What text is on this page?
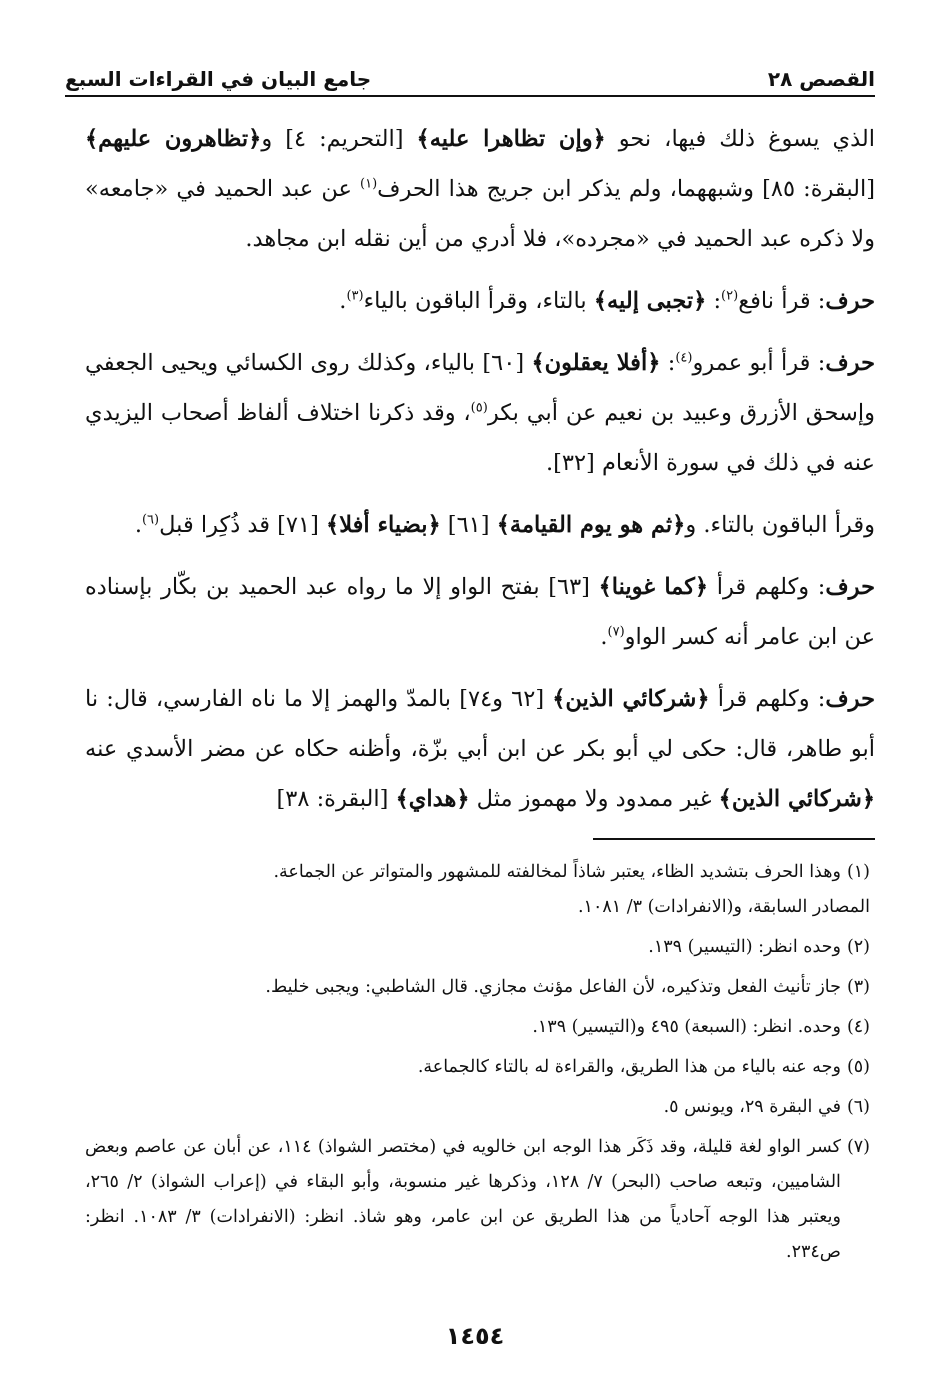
القصص ٢٨
جامع البيان في القراءات السبع

الذي يسوغ ذلك فيها، نحو ﴿وإن تظاهرا عليه﴾ [التحريم: ٤] و﴿تظاهرون عليهم﴾ [البقرة: ٨٥] وشبههما، ولم يذكر ابن جريج هذا الحرف$^{(١)}$ عن عبد الحميد في «جامعه» ولا ذكره عبد الحميد في «مجرده»، فلا أدري من أين نقله ابن مجاهد.

حرف: قرأ نافع$^{(٢)}$: ﴿تجبى إليه﴾ بالتاء، وقرأ الباقون بالياء$^{(٣)}$.

حرف: قرأ أبو عمرو$^{(٤)}$: ﴿أفلا يعقلون﴾ [٦٠] بالياء، وكذلك روى الكسائي ويحيى الجعفي وإسحق الأزرق وعبيد بن نعيم عن أبي بكر$^{(٥)}$، وقد ذكرنا اختلاف ألفاظ أصحاب اليزيدي عنه في ذلك في سورة الأنعام [٣٢].

وقرأ الباقون بالتاء. و﴿ثم هو يوم القيامة﴾ [٦١] ﴿بضياء أفلا﴾ [٧١] قد ذُكِرا قبل$^{(٦)}$.

حرف: وكلهم قرأ ﴿كما غوينا﴾ [٦٣] بفتح الواو إلا ما رواه عبد الحميد بن بكّار بإسناده عن ابن عامر أنه كسر الواو$^{(٧)}$.

حرف: وكلهم قرأ ﴿شركائي الذين﴾ [٦٢ و٧٤] بالمدّ والهمز إلا ما ناه الفارسي، قال: نا أبو طاهر، قال: حكى لي أبو بكر عن ابن أبي بزّة، وأظنه حكاه عن مضر الأسدي عنه ﴿شركائي الذين﴾ غير ممدود ولا مهموز مثل ﴿هداي﴾ [البقرة: ٣٨]

(١)
وهذا الحرف بتشديد الظاء، يعتبر شاذاً لمخالفته للمشهور والمتواتر عن الجماعة.
المصادر السابقة، و(الانفرادات) ٣/ ١٠٨١.
(٢)
وحده انظر: (التيسير) ١٣٩.
(٣)
جاز تأنيث الفعل وتذكيره، لأن الفاعل مؤنث مجازي. قال الشاطبي: ويجبى خليط.
(٤)
وحده. انظر: (السبعة) ٤٩٥ و(التيسير) ١٣٩.
(٥)
وجه عنه بالياء من هذا الطريق، والقراءة له بالتاء كالجماعة.
(٦)
في البقرة ٢٩، ويونس ٥.
(٧)
كسر الواو لغة قليلة، وقد ذَكَر هذا الوجه ابن خالويه في (مختصر الشواذ) ١١٤، عن أبان عن عاصم وبعض الشاميين، وتبعه صاحب (البحر) ٧/ ١٢٨، وذكرها غير منسوبة، وأبو البقاء في (إعراب الشواذ) ٢/ ٢٦٥، ويعتبر هذا الوجه آحادياً من هذا الطريق عن ابن عامر، وهو شاذ. انظر: (الانفرادات) ٣/ ١٠٨٣. انظر: ص٢٣٤.
١٤٥٤
